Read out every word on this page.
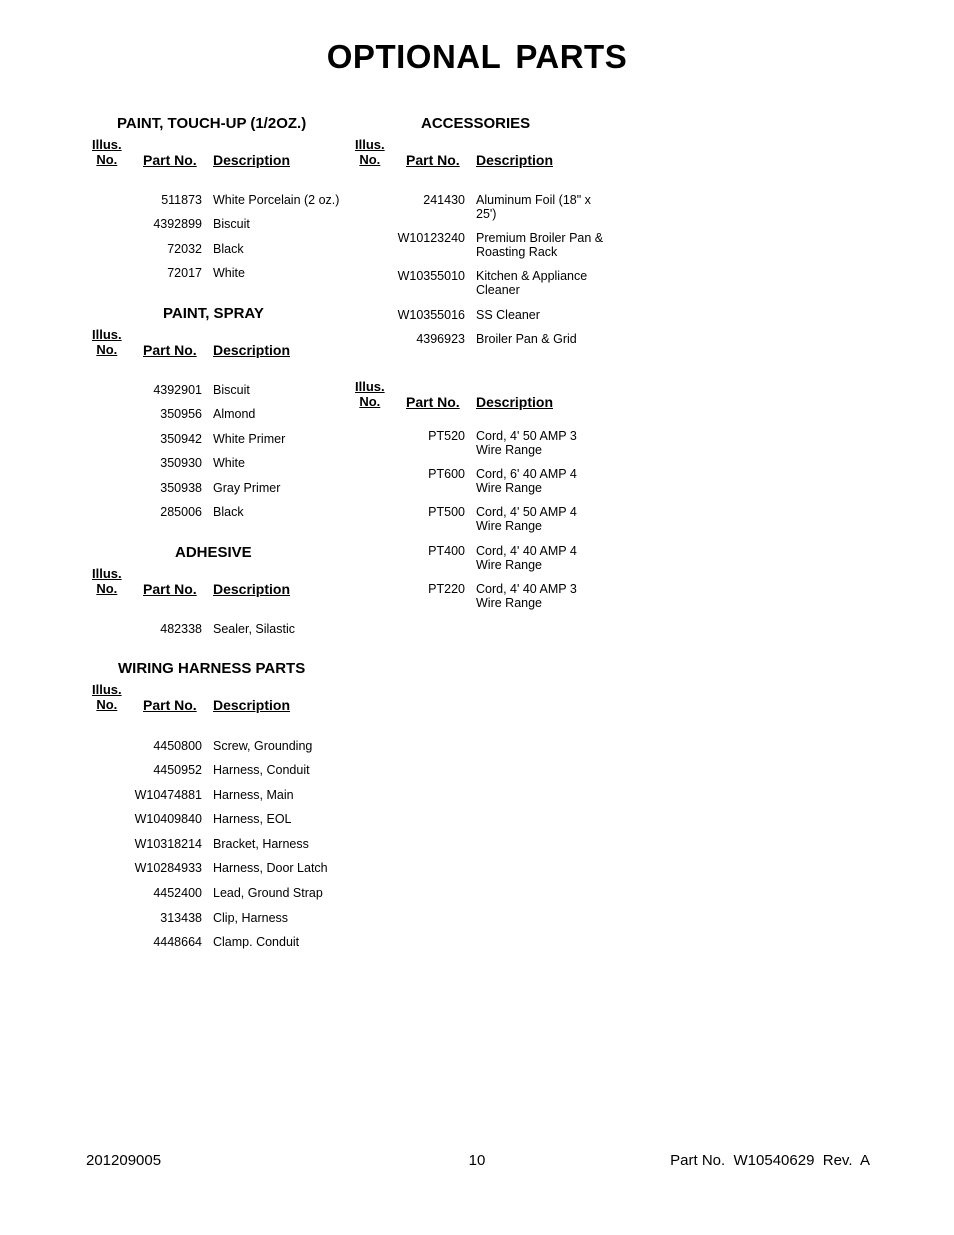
OPTIONAL PARTS
PAINT, TOUCH-UP (1/2OZ.)
Illus.
No.	Part No. Description
511873 White Porcelain (2 oz.)
4392899 Biscuit
72032 Black
72017 White
PAINT, SPRAY
Illus.
No.	Part No. Description
4392901 Biscuit
350956 Almond
350942 White Primer
350930 White
350938 Gray Primer
285006 Black
ADHESIVE
Illus.
No.	Part No. Description
482338 Sealer, Silastic
WIRING HARNESS PARTS
Illus.
No.	Part No. Description
4450800 Screw, Grounding
4450952 Harness, Conduit
W10474881 Harness, Main
W10409840 Harness, EOL
W10318214 Bracket, Harness
W10284933 Harness, Door Latch
4452400 Lead, Ground Strap
313438 Clip, Harness
4448664 Clamp. Conduit
ACCESSORIES
Illus.
No.	Part No. Description
241430 Aluminum Foil (18" x 25')
W10123240 Premium Broiler Pan & Roasting Rack
W10355010 Kitchen & Appliance Cleaner
W10355016 SS Cleaner
4396923 Broiler Pan & Grid
Illus.
No.	Part No. Description
PT520 Cord, 4' 50 AMP 3 Wire Range
PT600 Cord, 6' 40 AMP 4 Wire Range
PT500 Cord, 4' 50 AMP 4 Wire Range
PT400 Cord, 4' 40 AMP 4 Wire Range
PT220 Cord, 4' 40 AMP 3 Wire Range
201209005	10	Part No.  W10540629  Rev.  A
